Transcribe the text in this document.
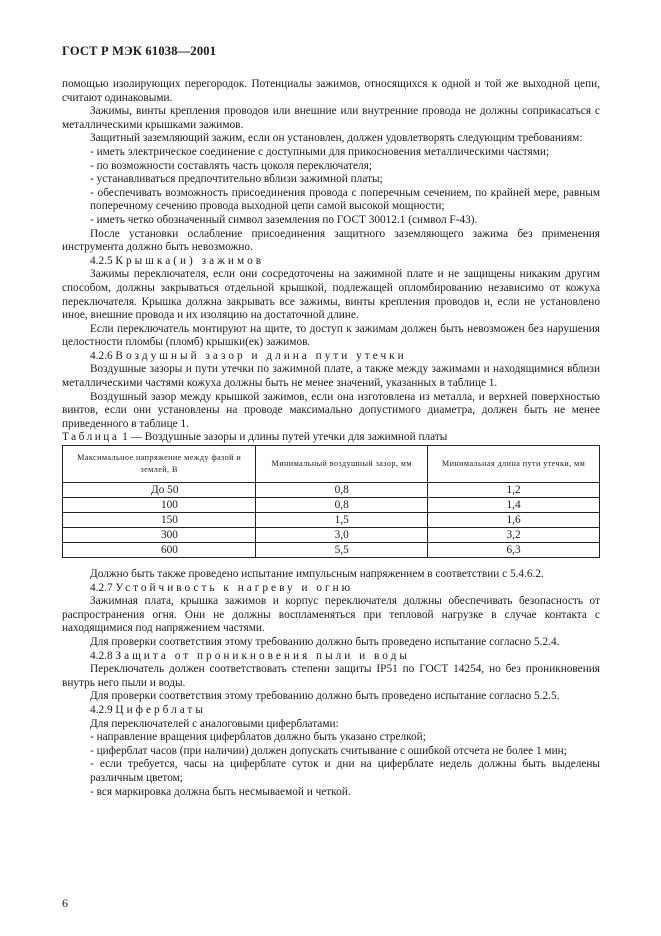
ГОСТ Р МЭК 61038—2001

помощью изолирующих перегородок. Потенциалы зажимов, относящихся к одной и той же выходной цепи, считают одинаковыми.

Зажимы, винты крепления проводов или внешние или внутренние провода не должны соприкасаться с металлическими крышками зажимов.

Защитный заземляющий зажим, если он установлен, должен удовлетворять следующим требованиям:

- иметь электрическое соединение с доступными для прикосновения металлическими частями;

- по возможности составлять часть цоколя переключателя;

- устанавливаться предпочтительно вблизи зажимной платы;

- обеспечивать возможность присоединения провода с поперечным сечением, по крайней мере, равным поперечному сечению провода выходной цепи самой высокой мощности;

- иметь четко обозначенный символ заземления по ГОСТ 30012.1 (символ F-43).

После установки ослабление присоединения защитного заземляющего зажима без применения инструмента должно быть невозможно.

4.2.5 Крышка(и) зажимов

Зажимы переключателя, если они сосредоточены на зажимной плате и не защищены никаким другим способом, должны закрываться отдельной крышкой, подлежащей опломбированию независимо от кожуха переключателя. Крышка должна закрывать все зажимы, винты крепления проводов и, если не установлено иное, внешние провода и их изоляцию на достаточной длине.

Если переключатель монтируют на щите, то доступ к зажимам должен быть невозможен без нарушения целостности пломбы (пломб) крышки(ек) зажимов.

4.2.6 Воздушный зазор и длина пути утечки

Воздушные зазоры и пути утечки по зажимной плате, а также между зажимами и находящимися вблизи металлическими частями кожуха должны быть не менее значений, указанных в таблице 1.

Воздушный зазор между крышкой зажимов, если она изготовлена из металла, и верхней поверхностью винтов, если они установлены на проводе максимально допустимого диаметра, должен быть не менее приведенного в таблице 1.

Таблица 1 — Воздушные зазоры и длины путей утечки для зажимной платы

Максимальное напряжение между фазой и землей, В	Минимальный воздушный зазор, мм	Минимальная длина пути утечки, мм
До 50	0,8	1,2
100	0,8	1,4
150	1,5	1,6
300	3,0	3,2
600	5,5	6,3

Должно быть также проведено испытание импульсным напряжением в соответствии с 5.4.6.2.

4.2.7 Устойчивость к нагреву и огню

Зажимная плата, крышка зажимов и корпус переключателя должны обеспечивать безопасность от распространения огня. Они не должны воспламеняться при тепловой нагрузке в случае контакта с находящимися под напряжением частями.

Для проверки соответствия этому требованию должно быть проведено испытание согласно 5.2.4.

4.2.8 Защита от проникновения пыли и воды

Переключатель должен соответствовать степени защиты IP51 по ГОСТ 14254, но без проникновения внутрь него пыли и воды.

Для проверки соответствия этому требованию должно быть проведено испытание согласно 5.2.5.

4.2.9 Циферблаты

Для переключателей с аналоговыми циферблатами:

- направление вращения циферблатов должно быть указано стрелкой;

- циферблат часов (при наличии) должен допускать считывание с ошибкой отсчета не более 1 мин;

- если требуется, часы на циферблате суток и дни на циферблате недель должны быть выделены различным цветом;

- вся маркировка должна быть несмываемой и четкой.

6
